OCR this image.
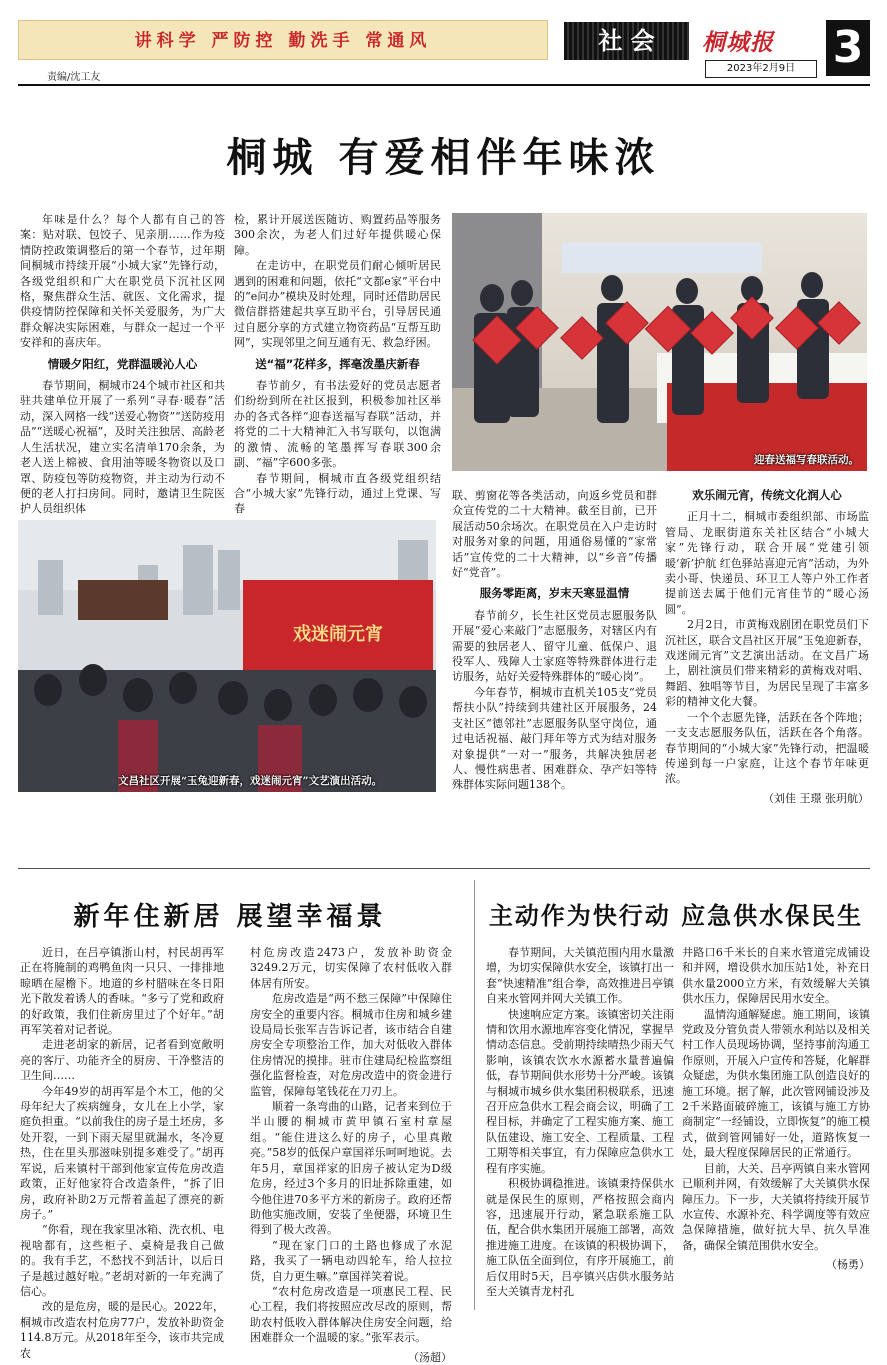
讲科学 严防控 勤洗手 常通风
责编/沈工友
社 会	桐城报
2023年2月9日 3
桐城 有爱相伴年味浓

年味是什么？每个人都有自己的答案：贴对联、包饺子、见亲朋……作为疫情防控政策调整后的第一个春节，过年期间桐城市持续开展“小城大家”先锋行动，各级党组织和广大在职党员下沉社区网格，聚焦群众生活、就医、文化需求，提供疫情防控保障和关怀关爱服务，为广大群众解决实际困难，与群众一起过一个平安祥和的喜庆年。

情暖夕阳红，党群温暖沁人心

春节期间，桐城市24个城市社区和共驻共建单位开展了一系列“寻春·暖春”活动，深入网格一线“送爱心物资”“送防疫用品”“送暖心祝福”，及时关注独居、高龄老人生活状况，建立实名清单170余条，为老人送上棉被、食用油等暖冬物资以及口罩、防疫包等防疫物资，并主动为行动不便的老人打扫房间。同时，邀请卫生院医护人员组织体

检，累计开展送医随访、购置药品等服务300余次，为老人们过好年提供暖心保障。

在走访中，在职党员们耐心倾听居民遇到的困难和问题，依托“文都e家”平台中的“e问办”模块及时处理，同时还借助居民微信群搭建起共享互助平台，引导居民通过自愿分享的方式建立物资药品“互帮互助网”，实现邻里之间互通有无、救急纾困。

送“福”花样多，挥毫泼墨庆新春

春节前夕，有书法爱好的党员志愿者们纷纷到所在社区报到，积极参加社区举办的各式各样“迎春送福写春联”活动，并将党的二十大精神汇入书写联句，以饱满的激情、流畅的笔墨挥写春联300余副、“福”字600多张。

春节期间，桐城市直各级党组织结合“小城大家”先锋行动，通过上党课、写春

迎春送福写春联活动。
戏迷闹元宵
文昌社区开展“玉兔迎新春，戏迷闹元宵”文艺演出活动。

联、剪窗花等各类活动，向返乡党员和群众宣传党的二十大精神。截至目前，已开展活动50余场次。在职党员在入户走访时对服务对象的问题，用通俗易懂的“家常话”宣传党的二十大精神，以“乡音”传播好“党音”。

服务零距离，岁末天寒显温情

春节前夕，长生社区党员志愿服务队开展“爱心来敲门”志愿服务，对辖区内有需要的独居老人、留守儿童、低保户、退役军人、残障人士家庭等特殊群体进行走访服务，站好关爱特殊群体的“暖心岗”。

今年春节，桐城市直机关105支“党员帮扶小队”持续到共建社区开展服务，24支社区“德邻社”志愿服务队坚守岗位，通过电话祝福、敲门拜年等方式为结对服务对象提供“一对一”服务，共解决独居老人、慢性病患者、困难群众、孕产妇等特殊群体实际问题138个。

欢乐闹元宵，传统文化润人心

正月十二，桐城市委组织部、市场监管局、龙眠街道东关社区结合“小城大家”先锋行动，联合开展“党建引领暖‘新’护航 红色驿站喜迎元宵”活动，为外卖小哥、快递员、环卫工人等户外工作者提前送去属于他们元宵佳节的“暖心汤圆”。

2月2日，市黄梅戏剧团在职党员们下沉社区，联合文昌社区开展“玉兔迎新春，戏迷闹元宵”文艺演出活动。在文昌广场上，剧社演员们带来精彩的黄梅戏对唱、舞蹈、独唱等节目，为居民呈现了丰富多彩的精神文化大餐。

一个个志愿先锋，活跃在各个阵地；一支支志愿服务队伍，活跃在各个角落。春节期间的“小城大家”先锋行动，把温暖传递到每一户家庭，让这个春节年味更浓。

（刘佳 王璟 张玥航）
新年住新居 展望幸福景

近日，在吕亭镇浙山村，村民胡再军正在将腌制的鸡鸭鱼肉一只只、一排排地晾晒在屋檐下。地道的乡村腊味在冬日阳光下散发着诱人的香味。“多亏了党和政府的好政策，我们住新房里过了个好年。”胡再军笑着对记者说。

走进老胡家的新居，记者看到宽敞明亮的客厅、功能齐全的厨房、干净整洁的卫生间……

今年49岁的胡再军是个木工，他的父母年纪大了疾病缠身，女儿在上小学，家庭负担重。“以前我住的房子是土坯房，多处开裂，一到下雨天屋里就漏水，冬冷夏热，住在里头那滋味别提多难受了。”胡再军说，后来镇村干部到他家宣传危房改造政策，正好他家符合改造条件，“拆了旧房，政府补助2万元帮着盖起了漂亮的新房子。”

“你看，现在我家里冰箱、洗衣机、电视啥都有，这些柜子、桌椅是我自己做的。我有手艺，不愁找不到活计，以后日子是越过越好啦。”老胡对新的一年充满了信心。

改的是危房，暖的是民心。2022年，桐城市改造农村危房77户，发放补助资金114.8万元。从2018年至今，该市共完成农

村危房改造2473户，发放补助资金3249.2万元，切实保障了农村低收入群体居有所安。

危房改造是“两不愁三保障”中保障住房安全的重要内容。桐城市住房和城乡建设局局长张军吉告诉记者，该市结合自建房安全专项整治工作，加大对低收入群体住房情况的摸排。驻市住建局纪检监察组强化监督检查，对危房改造中的资金进行监管，保障每笔钱花在刀刃上。

顺着一条弯曲的山路，记者来到位于半山腰的桐城市黄甲镇石室村章屋组。“能住进这么好的房子，心里真敞亮。”58岁的低保户章国祥乐呵呵地说。去年5月，章国祥家的旧房子被认定为D级危房，经过3个多月的旧址拆除重建，如今他住进70多平方米的新房子。政府还帮助他实施改厕，安装了坐便器，环境卫生得到了极大改善。

“现在家门口的土路也修成了水泥路，我买了一辆电动四轮车，给人拉拉货，自力更生嘛。”章国祥笑着说。

“农村危房改造是一项惠民工程、民心工程，我们将按照应改尽改的原则，帮助农村低收入群体解决住房安全问题，给困难群众一个温暖的家。”张军表示。

（汤超）
主动作为快行动 应急供水保民生

春节期间，大关镇范围内用水量激增，为切实保障供水安全，该镇打出一套“快速精准”组合拳，高效推进吕亭镇自来水管网并网大关镇工作。

快速响应定方案。该镇密切关注雨情和饮用水源地库容变化情况，掌握旱情动态信息。受前期持续晴热少雨天气影响，该镇农饮水水源蓄水量普遍偏低，春节期间供水形势十分严峻。该镇与桐城市城乡供水集团积极联系，迅速召开应急供水工程会商会议，明确了工程目标，并确定了工程实施方案、施工队伍建设、施工安全、工程质量、工程工期等相关事宜，有力保障应急供水工程有序实施。

积极协调稳推进。该镇秉持保供水就是保民生的原则，严格按照会商内容，迅速展开行动，紧急联系施工队伍，配合供水集团开展施工部署，高效推进施工进度。在该镇的积极协调下，施工队伍全面到位，有序开展施工，前后仅用时5天，吕亭镇兴店供水服务站至大关镇青龙村孔

井路口6千米长的自来水管道完成铺设和并网，增设供水加压站1处，补充日供水量2000立方米，有效缓解大关镇供水压力，保障居民用水安全。

温情沟通解疑虑。施工期间，该镇党政及分管负责人带领水利站以及相关村工作人员现场协调，坚持事前沟通工作原则，开展入户宣传和答疑，化解群众疑虑，为供水集团施工队创造良好的施工环境。据了解，此次管网铺设涉及2千米路面破碎施工，该镇与施工方协商制定“一经铺设，立即恢复”的施工模式，做到管网铺好一处，道路恢复一处，最大程度保障居民的正常通行。

目前，大关、吕亭两镇自来水管网已顺利并网，有效缓解了大关镇供水保障压力。下一步，大关镇将持续开展节水宣传、水源补充、科学调度等有效应急保障措施，做好抗大旱、抗久旱准备，确保全镇范围供水安全。

（杨勇）
